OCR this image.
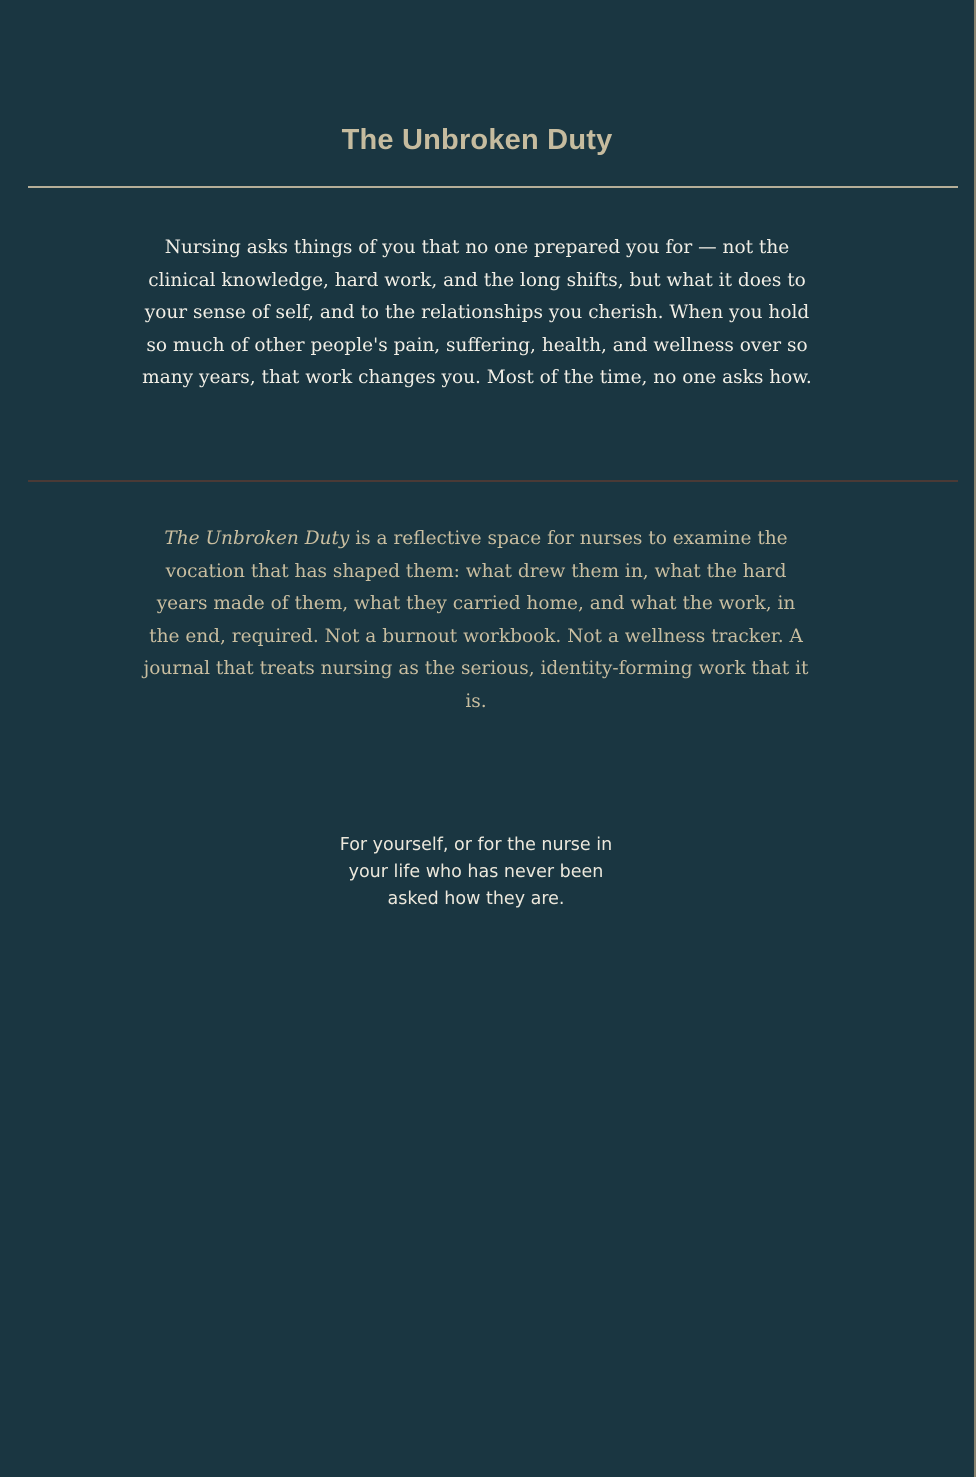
The Unbroken Duty

Nursing asks things of you that no one prepared you for — not the clinical knowledge, hard work, and the long shifts, but what it does to your sense of self, and to the relationships you cherish. When you hold so much of other people's pain, suffering, health, and wellness over so many years, that work changes you. Most of the time, no one asks how.

The Unbroken Duty is a reflective space for nurses to examine the vocation that has shaped them: what drew them in, what the hard years made of them, what they carried home, and what the work, in the end, required. Not a burnout workbook. Not a wellness tracker. A journal that treats nursing as the serious, identity-forming work that it is.

For yourself, or for the nurse in your life who has never been asked how they are.
